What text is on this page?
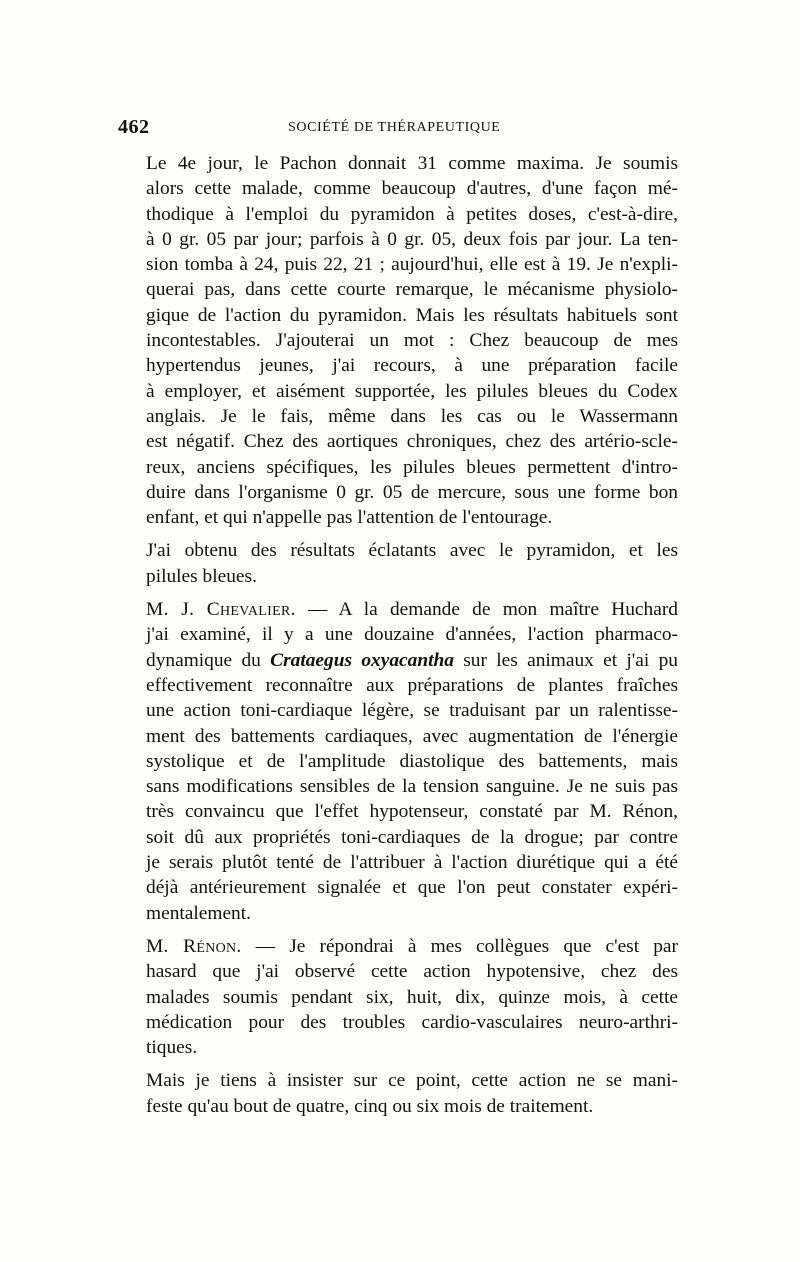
462	SOCIÉTÉ DE THÉRAPEUTIQUE

Le 4e jour, le Pachon donnait 31 comme maxima. Je soumis
alors cette malade, comme beaucoup d'autres, d'une façon mé-
thodique à l'emploi du pyramidon à petites doses, c'est-à-dire,
à 0 gr. 05 par jour; parfois à 0 gr. 05, deux fois par jour. La ten-
sion tomba à 24, puis 22, 21 ; aujourd'hui, elle est à 19. Je n'expli-
querai pas, dans cette courte remarque, le mécanisme physiolo-
gique de l'action du pyramidon. Mais les résultats habituels sont
incontestables. J'ajouterai un mot : Chez beaucoup de mes
hypertendus jeunes, j'ai recours, à une préparation facile
à employer, et aisément supportée, les pilules bleues du Codex
anglais. Je le fais, même dans les cas ou le Wassermann
est négatif. Chez des aortiques chroniques, chez des artério-scle-
reux, anciens spécifiques, les pilules bleues permettent d'intro-
duire dans l'organisme 0 gr. 05 de mercure, sous une forme bon
enfant, et qui n'appelle pas l'attention de l'entourage.

J'ai obtenu des résultats éclatants avec le pyramidon, et les
pilules bleues.

M. J. Chevalier. — A la demande de mon maître Huchard
j'ai examiné, il y a une douzaine d'années, l'action pharmaco-
dynamique du Crataegus oxyacantha sur les animaux et j'ai pu
effectivement reconnaître aux préparations de plantes fraîches
une action toni-cardiaque légère, se traduisant par un ralentisse-
ment des battements cardiaques, avec augmentation de l'énergie
systolique et de l'amplitude diastolique des battements, mais
sans modifications sensibles de la tension sanguine. Je ne suis pas
très convaincu que l'effet hypotenseur, constaté par M. Rénon,
soit dû aux propriétés toni-cardiaques de la drogue; par contre
je serais plutôt tenté de l'attribuer à l'action diurétique qui a été
déjà antérieurement signalée et que l'on peut constater expéri-
mentalement.

M. Rénon. — Je répondrai à mes collègues que c'est par
hasard que j'ai observé cette action hypotensive, chez des
malades soumis pendant six, huit, dix, quinze mois, à cette
médication pour des troubles cardio-vasculaires neuro-arthri-
tiques.

Mais je tiens à insister sur ce point, cette action ne se mani-
feste qu'au bout de quatre, cinq ou six mois de traitement.
